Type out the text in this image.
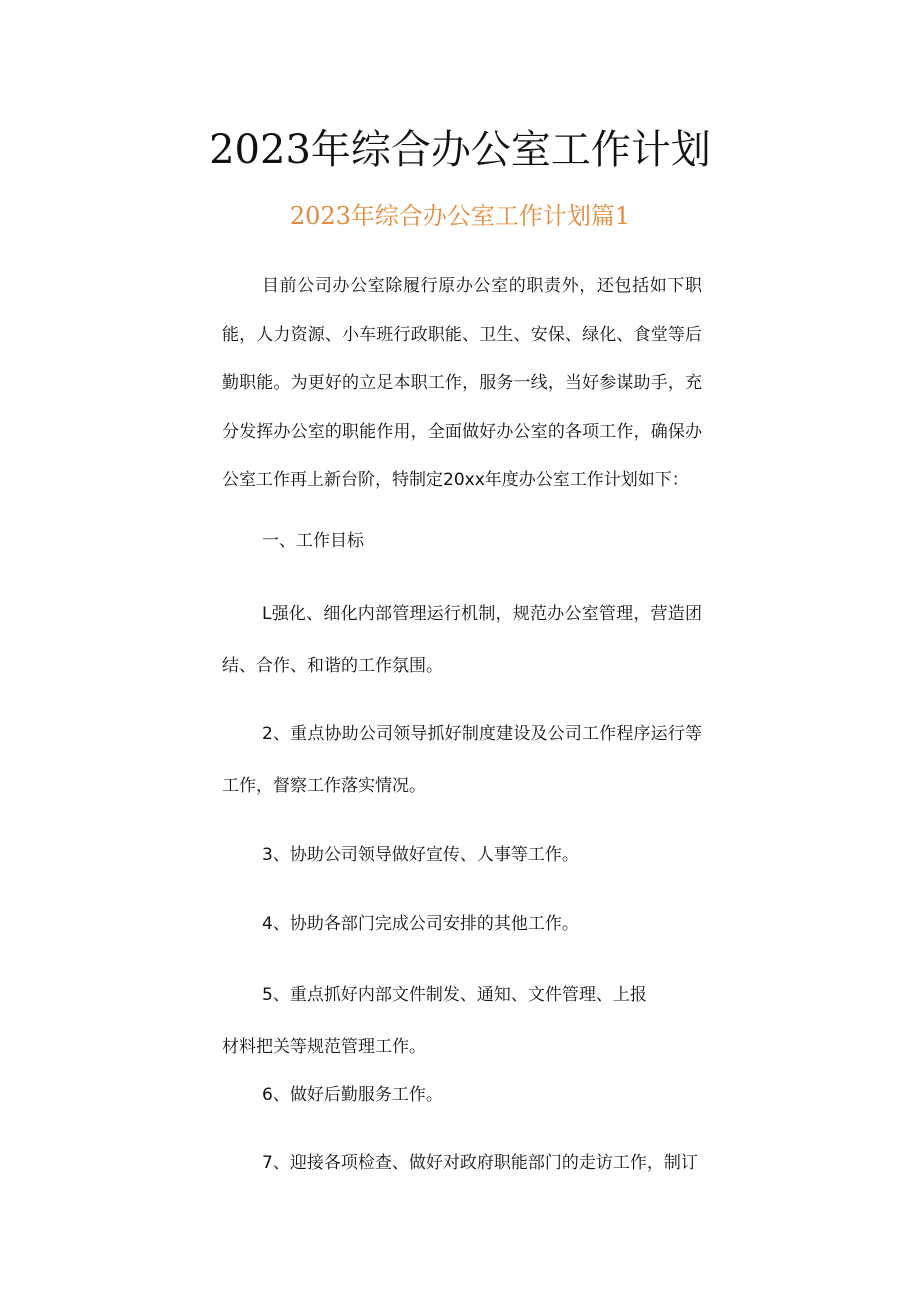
2023年综合办公室工作计划
2023年综合办公室工作计划篇1

目前公司办公室除履行原办公室的职责外，还包括如下职能，人力资源、小车班行政职能、卫生、安保、绿化、食堂等后勤职能。为更好的立足本职工作，服务一线，当好参谋助手，充分发挥办公室的职能作用，全面做好办公室的各项工作，确保办公室工作再上新台阶，特制定20xx年度办公室工作计划如下：

一、工作目标

L强化、细化内部管理运行机制，规范办公室管理，营造团结、合作、和谐的工作氛围。

2、重点协助公司领导抓好制度建设及公司工作程序运行等工作，督察工作落实情况。

3、协助公司领导做好宣传、人事等工作。

4、协助各部门完成公司安排的其他工作。

5、重点抓好内部文件制发、通知、文件管理、上报

材料把关等规范管理工作。

6、做好后勤服务工作。

7、迎接各项检查、做好对政府职能部门的走访工作，制订
